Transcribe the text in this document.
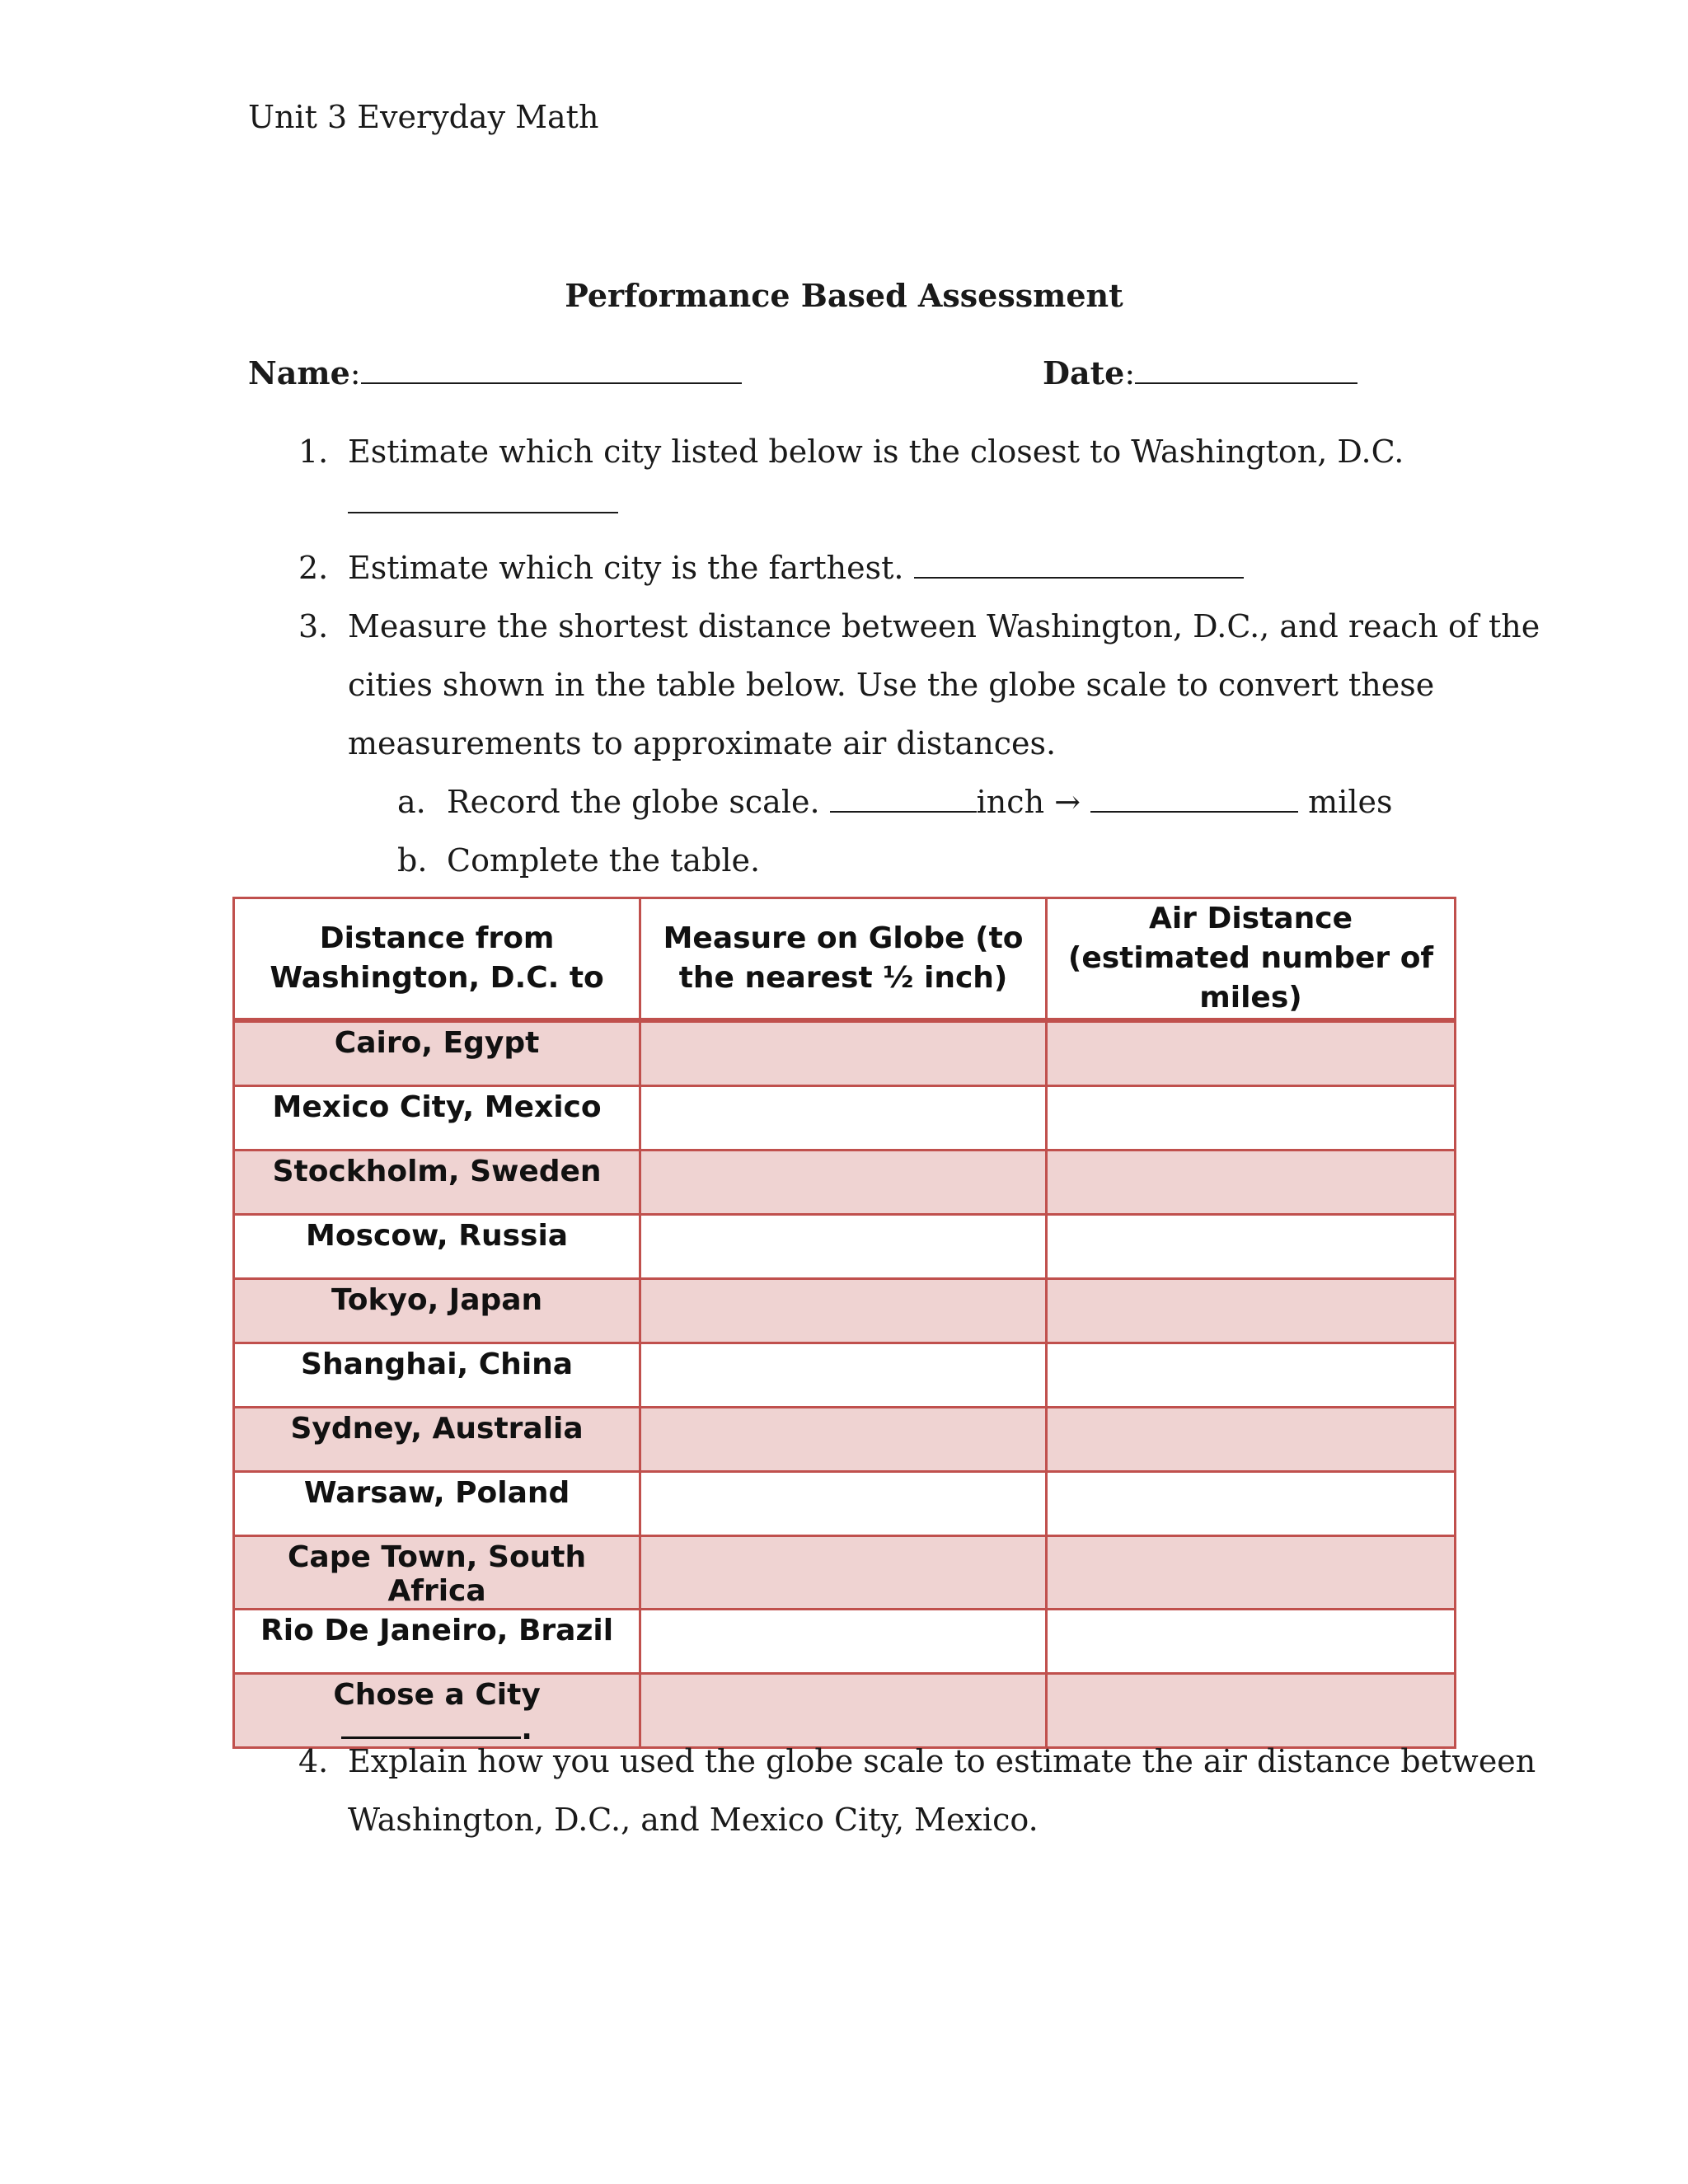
Unit 3 Everyday Math
Performance Based Assessment
Name:	Date:
1. Estimate which city listed below is the closest to Washington, D.C.
2. Estimate which city is the farthest.
3. Measure the shortest distance between Washington, D.C., and reach of the
cities shown in the table below. Use the globe scale to convert these
measurements to approximate air distances.
a. Record the globe scale.	inch →	miles
b. Complete the table.
Distance from Washington, D.C. to	Measure on Globe (to the nearest ½ inch)	Air Distance (estimated number of miles)
Cairo, Egypt		
Mexico City, Mexico		
Stockholm, Sweden		
Moscow, Russia		
Tokyo, Japan		
Shanghai, China		
Sydney, Australia		
Warsaw, Poland		
Cape Town, South Africa		
Rio De Janeiro, Brazil		
Chose a City .		
4. Explain how you used the globe scale to estimate the air distance between
Washington, D.C., and Mexico City, Mexico.
